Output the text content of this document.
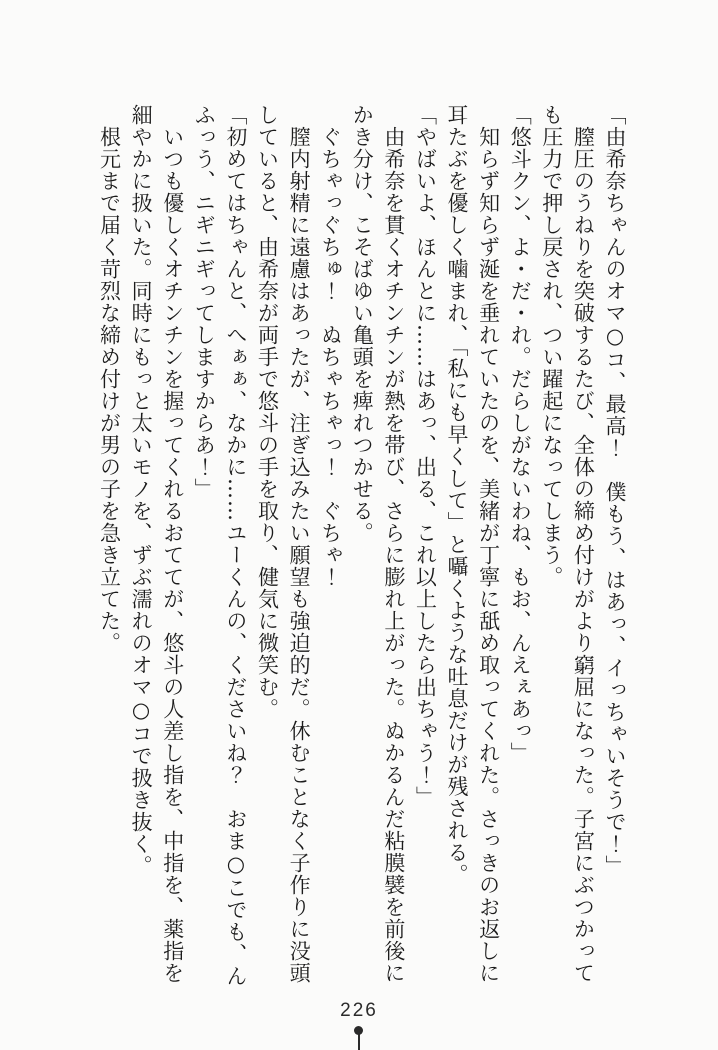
「由希奈ちゃんのオマ○コ、最高！　僕もう、はあっ、イっちゃいそうで！」

　膣圧のうねりを突破するたび、全体の締め付けがより窮屈になった。子宮にぶつかって

も圧力で押し戻され、つい躍起になってしまう。

「悠斗クン、よ・だ・れ。だらしがないわね、もお、んえぇあっ」

　知らず知らず涎を垂れていたのを、美緒が丁寧に舐め取ってくれた。さっきのお返しに

耳たぶを優しく噛まれ、「私にも早くして」と囁くような吐息だけが残される。

「やばいよ、ほんとに……はあっ、出る、これ以上したら出ちゃう！」

　由希奈を貫くオチンチンが熱を帯び、さらに膨れ上がった。ぬかるんだ粘膜襞を前後に

かき分け、こそばゆい亀頭を痺れつかせる。

　ぐちゃっぐちゅ！　ぬちゃちゃっ！　ぐちゃ！

　膣内射精に遠慮はあったが、注ぎ込みたい願望も強迫的だ。休むことなく子作りに没頭

していると、由希奈が両手で悠斗の手を取り、健気に微笑む。

「初めてはちゃんと、へぁぁ、なかに……ユーくんの、くださいね？　おま○こでも、ん

ふっう、ニギニギってしますからあ！」

　いつも優しくオチンチンを握ってくれるおててが、悠斗の人差し指を、中指を、薬指を

細やかに扱いた。同時にもっと太いモノを、ずぶ濡れのオマ○コで扱き抜く。

　根元まで届く苛烈な締め付けが男の子を急き立てた。

226
